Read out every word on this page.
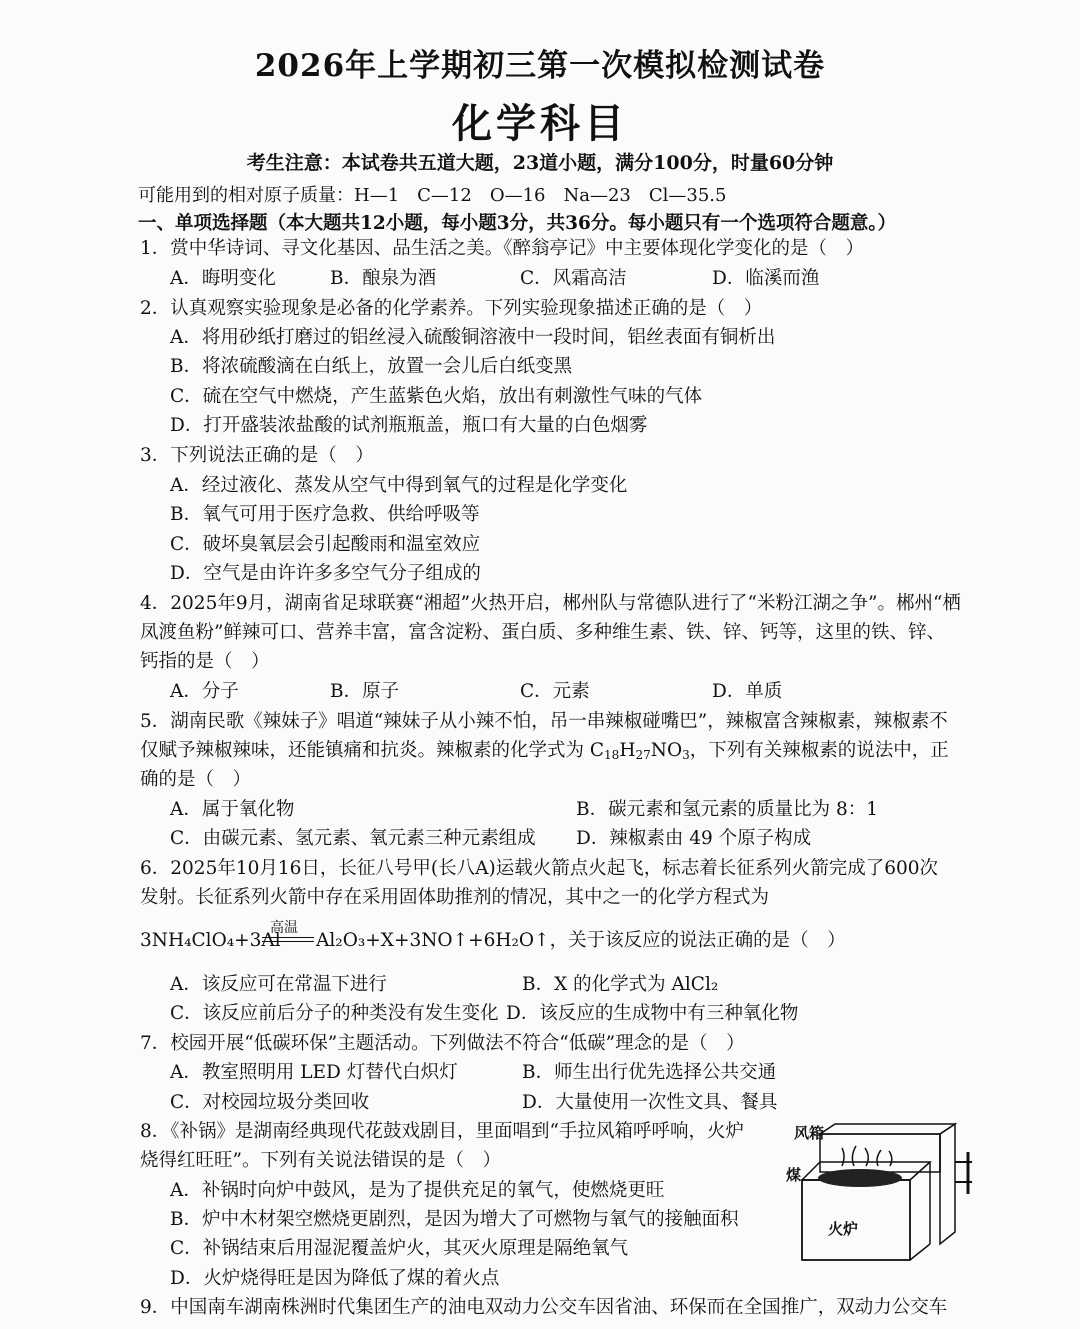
2026年上学期初三第一次模拟检测试卷
化学科目
考生注意：本试卷共五道大题，23道小题，满分100分，时量60分钟
可能用到的相对原子质量：H—1　C—12　O—16　Na—23　Cl—35.5
一、单项选择题（本大题共12小题，每小题3分，共36分。每小题只有一个选项符合题意。）
1．赏中华诗词、寻文化基因、品生活之美。《醉翁亭记》中主要体现化学变化的是（　）
A．晦明变化	B．酿泉为酒	C．风霜高洁	D．临溪而渔
2．认真观察实验现象是必备的化学素养。下列实验现象描述正确的是（　）
A．将用砂纸打磨过的铝丝浸入硫酸铜溶液中一段时间，铝丝表面有铜析出
B．将浓硫酸滴在白纸上，放置一会儿后白纸变黑
C．硫在空气中燃烧，产生蓝紫色火焰，放出有刺激性气味的气体
D．打开盛装浓盐酸的试剂瓶瓶盖，瓶口有大量的白色烟雾
3．下列说法正确的是（　）
A．经过液化、蒸发从空气中得到氧气的过程是化学变化
B．氧气可用于医疗急救、供给呼吸等
C．破坏臭氧层会引起酸雨和温室效应
D．空气是由许许多多空气分子组成的
4．2025年9月，湖南省足球联赛“湘超”火热开启，郴州队与常德队进行了“米粉江湖之争”。郴州“栖
凤渡鱼粉”鲜辣可口、营养丰富，富含淀粉、蛋白质、多种维生素、铁、锌、钙等，这里的铁、锌、
钙指的是（　）
A．分子	B．原子	C．元素	D．单质
5．湖南民歌《辣妹子》唱道“辣妹子从小辣不怕，吊一串辣椒碰嘴巴”，辣椒富含辣椒素，辣椒素不
仅赋予辣椒辣味，还能镇痛和抗炎。辣椒素的化学式为 $C_{18}H_{27}NO_3$，下列有关辣椒素的说法中，正
确的是（　）
A．属于氧化物	B．碳元素和氢元素的质量比为 8：1
C．由碳元素、氢元素、氧元素三种元素组成 D．辣椒素由 49 个原子构成
6．2025年10月16日，长征八号甲(长八A)运载火箭点火起飞，标志着长征系列火箭完成了600次
发射。长征系列火箭中存在采用固体助推剂的情况，其中之一的化学方程式为
高温
3NH₄ClO₄+3Al Al₂O₃+X+3NO↑+6H₂O↑，关于该反应的说法正确的是（　）
A．该反应可在常温下进行	B．X 的化学式为 AlCl₂
C．该反应前后分子的种类没有发生变化 D．该反应的生成物中有三种氧化物
7．校园开展“低碳环保”主题活动。下列做法不符合“低碳”理念的是（　）
A．教室照明用 LED 灯替代白炽灯	B．师生出行优先选择公共交通
C．对校园垃圾分类回收	D．大量使用一次性文具、餐具
8．《补锅》是湖南经典现代花鼓戏剧目，里面唱到“手拉风箱呼呼响，火炉
烧得红旺旺”。下列有关说法错误的是（　）
A．补锅时向炉中鼓风，是为了提供充足的氧气，使燃烧更旺
B．炉中木材架空燃烧更剧烈，是因为增大了可燃物与氧气的接触面积
C．补锅结束后用湿泥覆盖炉火，其灭火原理是隔绝氧气
D．火炉烧得旺是因为降低了煤的着火点
风箱
煤
火炉
9．中国南车湖南株洲时代集团生产的油电双动力公交车因省油、环保而在全国推广，双动力公交车
